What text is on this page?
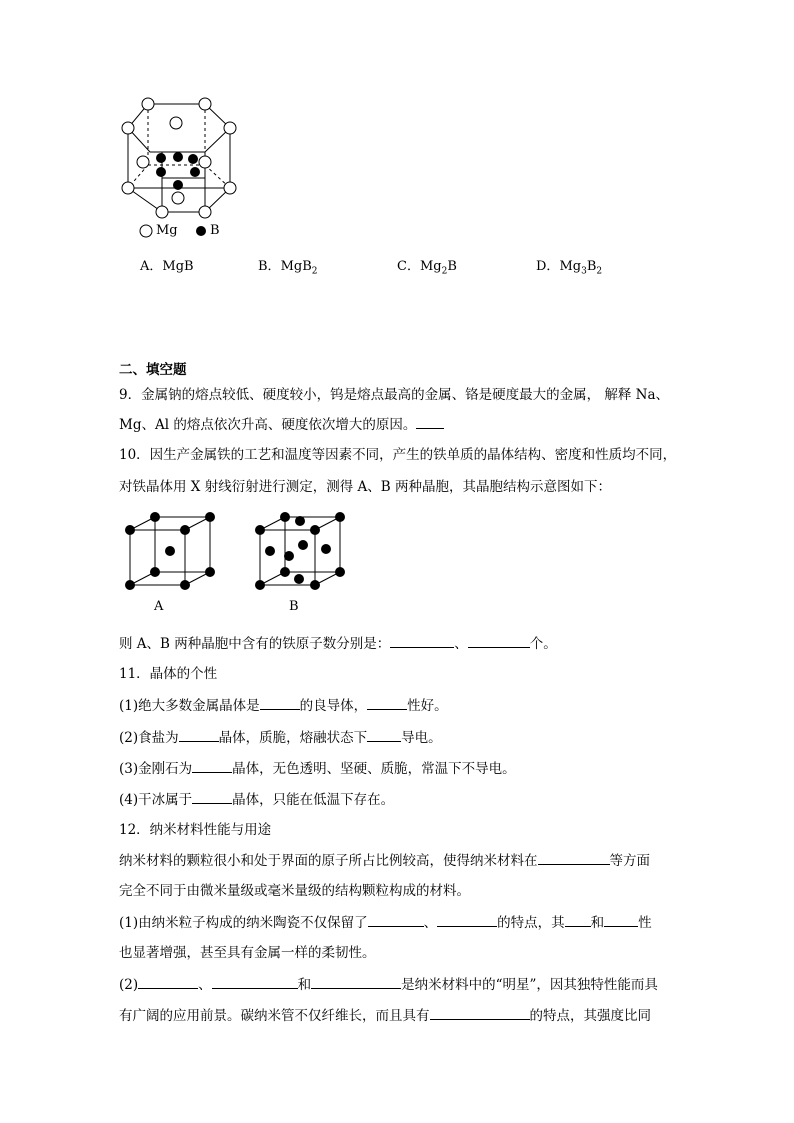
Mg B
A．MgB	B．MgB$_2$	C．$Mg_2B$	D．$Mg_3B_2$
二、填空题
9．金属钠的熔点较低、硬度较小，钨是熔点最高的金属、铬是硬度最大的金属， 解释 Na、
Mg、Al 的熔点依次升高、硬度依次增大的原因。
10．因生产金属铁的工艺和温度等因素不同，产生的铁单质的晶体结构、密度和性质均不同，
对铁晶体用 X 射线衍射进行测定，测得 A、B 两种晶胞，其晶胞结构示意图如下：
A	B
则 A、B 两种晶胞中含有的铁原子数分别是：	、	个。
11．晶体的个性
(1)绝大多数金属晶体是	的良导体，	性好。
(2)食盐为	晶体，质脆，熔融状态下	导电。
(3)金刚石为	晶体，无色透明、坚硬、质脆，常温下不导电。
(4)干冰属于	晶体，只能在低温下存在。
12．纳米材料性能与用途
纳米材料的颗粒很小和处于界面的原子所占比例较高，使得纳米材料在	等方面
完全不同于由微米量级或毫米量级的结构颗粒构成的材料。
(1)由纳米粒子构成的纳米陶瓷不仅保留了	、	的特点，其 和	性
也显著增强，甚至具有金属一样的柔韧性。
(2)	、	和	是纳米材料中的“明星”，因其独特性能而具
有广阔的应用前景。碳纳米管不仅纤维长，而且具有	的特点，其强度比同
